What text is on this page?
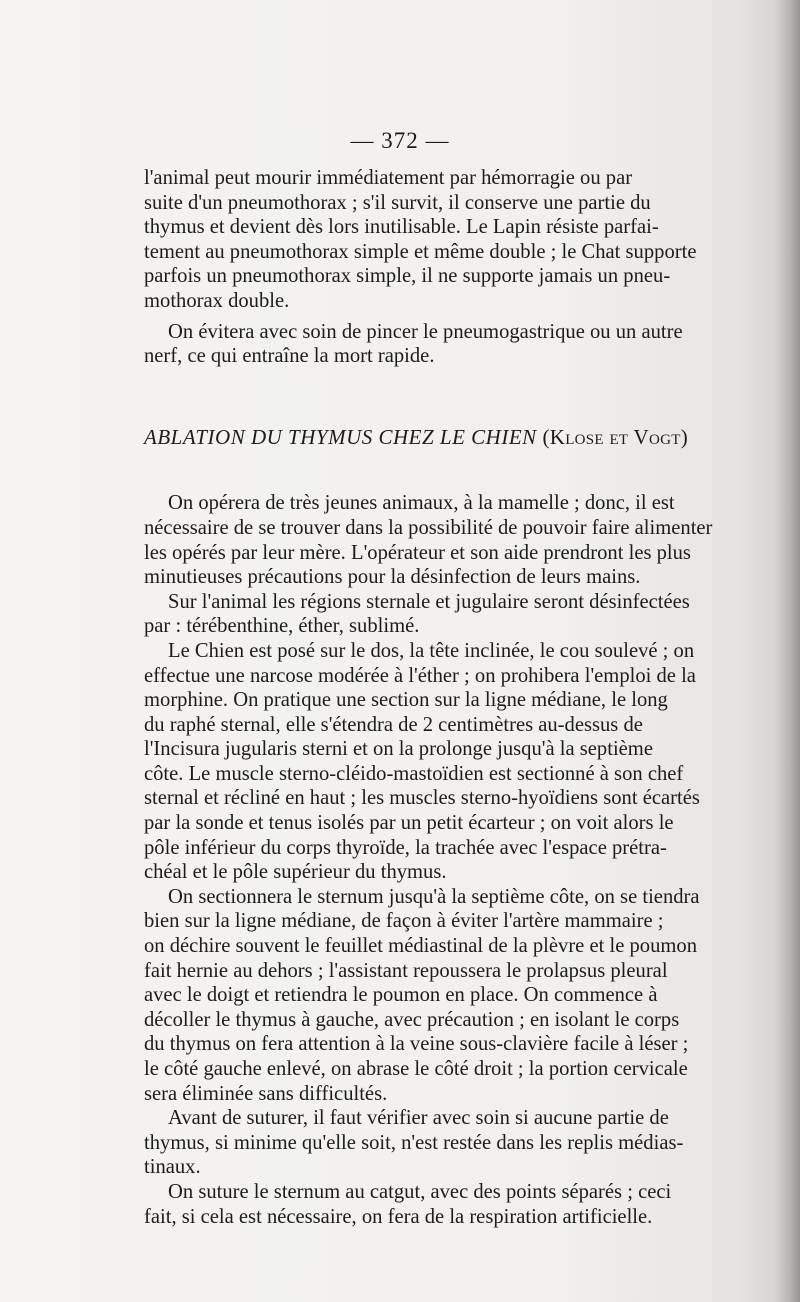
— 372 —

l'animal peut mourir immédiatement par hémorragie ou par
suite d'un pneumothorax ; s'il survit, il conserve une partie du
thymus et devient dès lors inutilisable. Le Lapin résiste parfai-
tement au pneumothorax simple et même double ; le Chat supporte
parfois un pneumothorax simple, il ne supporte jamais un pneu-
mothorax double.

On évitera avec soin de pincer le pneumogastrique ou un autre
nerf, ce qui entraîne la mort rapide.

ABLATION DU THYMUS CHEZ LE CHIEN (Klose et Vogt)

On opérera de très jeunes animaux, à la mamelle ; donc, il est
nécessaire de se trouver dans la possibilité de pouvoir faire alimenter
les opérés par leur mère. L'opérateur et son aide prendront les plus
minutieuses précautions pour la désinfection de leurs mains.

Sur l'animal les régions sternale et jugulaire seront désinfectées
par : térébenthine, éther, sublimé.

Le Chien est posé sur le dos, la tête inclinée, le cou soulevé ; on
effectue une narcose modérée à l'éther ; on prohibera l'emploi de la
morphine. On pratique une section sur la ligne médiane, le long
du raphé sternal, elle s'étendra de 2 centimètres au-dessus de
l'Incisura jugularis sterni et on la prolonge jusqu'à la septième
côte. Le muscle sterno-cléido-mastoïdien est sectionné à son chef
sternal et récliné en haut ; les muscles sterno-hyoïdiens sont écartés
par la sonde et tenus isolés par un petit écarteur ; on voit alors le
pôle inférieur du corps thyroïde, la trachée avec l'espace prétra-
chéal et le pôle supérieur du thymus.

On sectionnera le sternum jusqu'à la septième côte, on se tiendra
bien sur la ligne médiane, de façon à éviter l'artère mammaire ;
on déchire souvent le feuillet médiastinal de la plèvre et le poumon
fait hernie au dehors ; l'assistant repoussera le prolapsus pleural
avec le doigt et retiendra le poumon en place. On commence à
décoller le thymus à gauche, avec précaution ; en isolant le corps
du thymus on fera attention à la veine sous-clavière facile à léser ;
le côté gauche enlevé, on abrase le côté droit ; la portion cervicale
sera éliminée sans difficultés.

Avant de suturer, il faut vérifier avec soin si aucune partie de
thymus, si minime qu'elle soit, n'est restée dans les replis médias-
tinaux.

On suture le sternum au catgut, avec des points séparés ; ceci
fait, si cela est nécessaire, on fera de la respiration artificielle.
